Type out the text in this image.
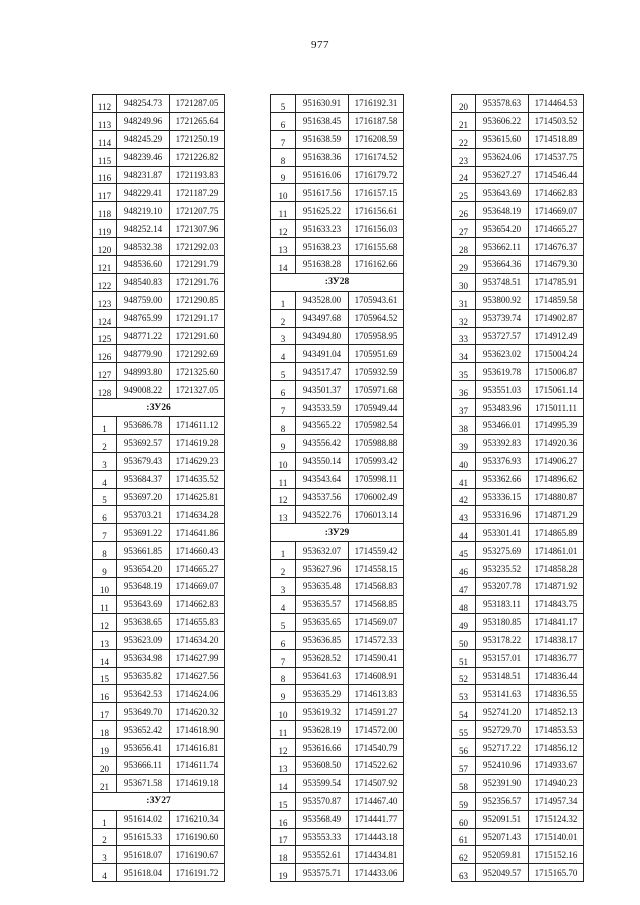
977
112	948254.73	1721287.05
113	948249.96	1721265.64
114	948245.29	1721250.19
115	948239.46	1721226.82
116	948231.87	1721193.83
117	948229.41	1721187.29
118	948219.10	1721207.75
119	948252.14	1721307.96
120	948532.38	1721292.03
121	948536.60	1721291.79
122	948540.83	1721291.76
123	948759.00	1721290.85
124	948765.99	1721291.17
125	948771.22	1721291.60
126	948779.90	1721292.69
127	948993.80	1721325.60
128	949008.22	1721327.05
:ЗУ26		
1	953686.78	1714611.12
2	953692.57	1714619.28
3	953679.43	1714629.23
4	953684.37	1714635.52
5	953697.20	1714625.81
6	953703.21	1714634.28
7	953691.22	1714641.86
8	953661.85	1714660.43
9	953654.20	1714665.27
10	953648.19	1714669.07
11	953643.69	1714662.83
12	953638.65	1714655.83
13	953623.09	1714634.20
14	953634.98	1714627.99
15	953635.82	1714627.56
16	953642.53	1714624.06
17	953649.70	1714620.32
18	953652.42	1714618.90
19	953656.41	1714616.81
20	953666.11	1714611.74
21	953671.58	1714619.18
:ЗУ27		
1	951614.02	1716210.34
2	951615.33	1716190.60
3	951618.07	1716190.67
4	951618.04	1716191.72
5	951630.91	1716192.31
6	951638.45	1716187.58
7	951638.59	1716208.59
8	951638.36	1716174.52
9	951616.06	1716179.72
10	951617.56	1716157.15
11	951625.22	1716156.61
12	951633.23	1716156.03
13	951638.23	1716155.68
14	951638.28	1716162.66
:ЗУ28		
1	943528.00	1705943.61
2	943497.68	1705964.52
3	943494.80	1705958.95
4	943491.04	1705951.69
5	943517.47	1705932.59
6	943501.37	1705971.68
7	943533.59	1705949.44
8	943565.22	1705982.54
9	943556.42	1705988.88
10	943550.14	1705993.42
11	943543.64	1705998.11
12	943537.56	1706002.49
13	943522.76	1706013.14
:ЗУ29		
1	953632.07	1714559.42
2	953627.96	1714558.15
3	953635.48	1714568.83
4	953635.57	1714568.85
5	953635.65	1714569.07
6	953636.85	1714572.33
7	953628.52	1714590.41
8	953641.63	1714608.91
9	953635.29	1714613.83
10	953619.32	1714591.27
11	953628.19	1714572.00
12	953616.66	1714540.79
13	953608.50	1714522.62
14	953599.54	1714507.92
15	953570.87	1714467.40
16	953568.49	1714441.77
17	953553.33	1714443.18
18	953552.61	1714434.81
19	953575.71	1714433.06
20	953578.63	1714464.53
21	953606.22	1714503.52
22	953615.60	1714518.89
23	953624.06	1714537.75
24	953627.27	1714546.44
25	953643.69	1714662.83
26	953648.19	1714669.07
27	953654.20	1714665.27
28	953662.11	1714676.37
29	953664.36	1714679.30
30	953748.51	1714785.91
31	953800.92	1714859.58
32	953739.74	1714902.87
33	953727.57	1714912.49
34	953623.02	1715004.24
35	953619.78	1715006.87
36	953551.03	1715061.14
37	953483.96	1715011.11
38	953466.01	1714995.39
39	953392.83	1714920.36
40	953376.93	1714906.27
41	953362.66	1714896.62
42	953336.15	1714880.87
43	953316.96	1714871.29
44	953301.41	1714865.89
45	953275.69	1714861.01
46	953235.52	1714858.28
47	953207.78	1714871.92
48	953183.11	1714843.75
49	953180.85	1714841.17
50	953178.22	1714838.17
51	953157.01	1714836.77
52	953148.51	1714836.44
53	953141.63	1714836.55
54	952741.20	1714852.13
55	952729.70	1714853.53
56	952717.22	1714856.12
57	952410.96	1714933.67
58	952391.90	1714940.23
59	952356.57	1714957.34
60	952091.51	1715124.32
61	952071.43	1715140.01
62	952059.81	1715152.16
63	952049.57	1715165.70
